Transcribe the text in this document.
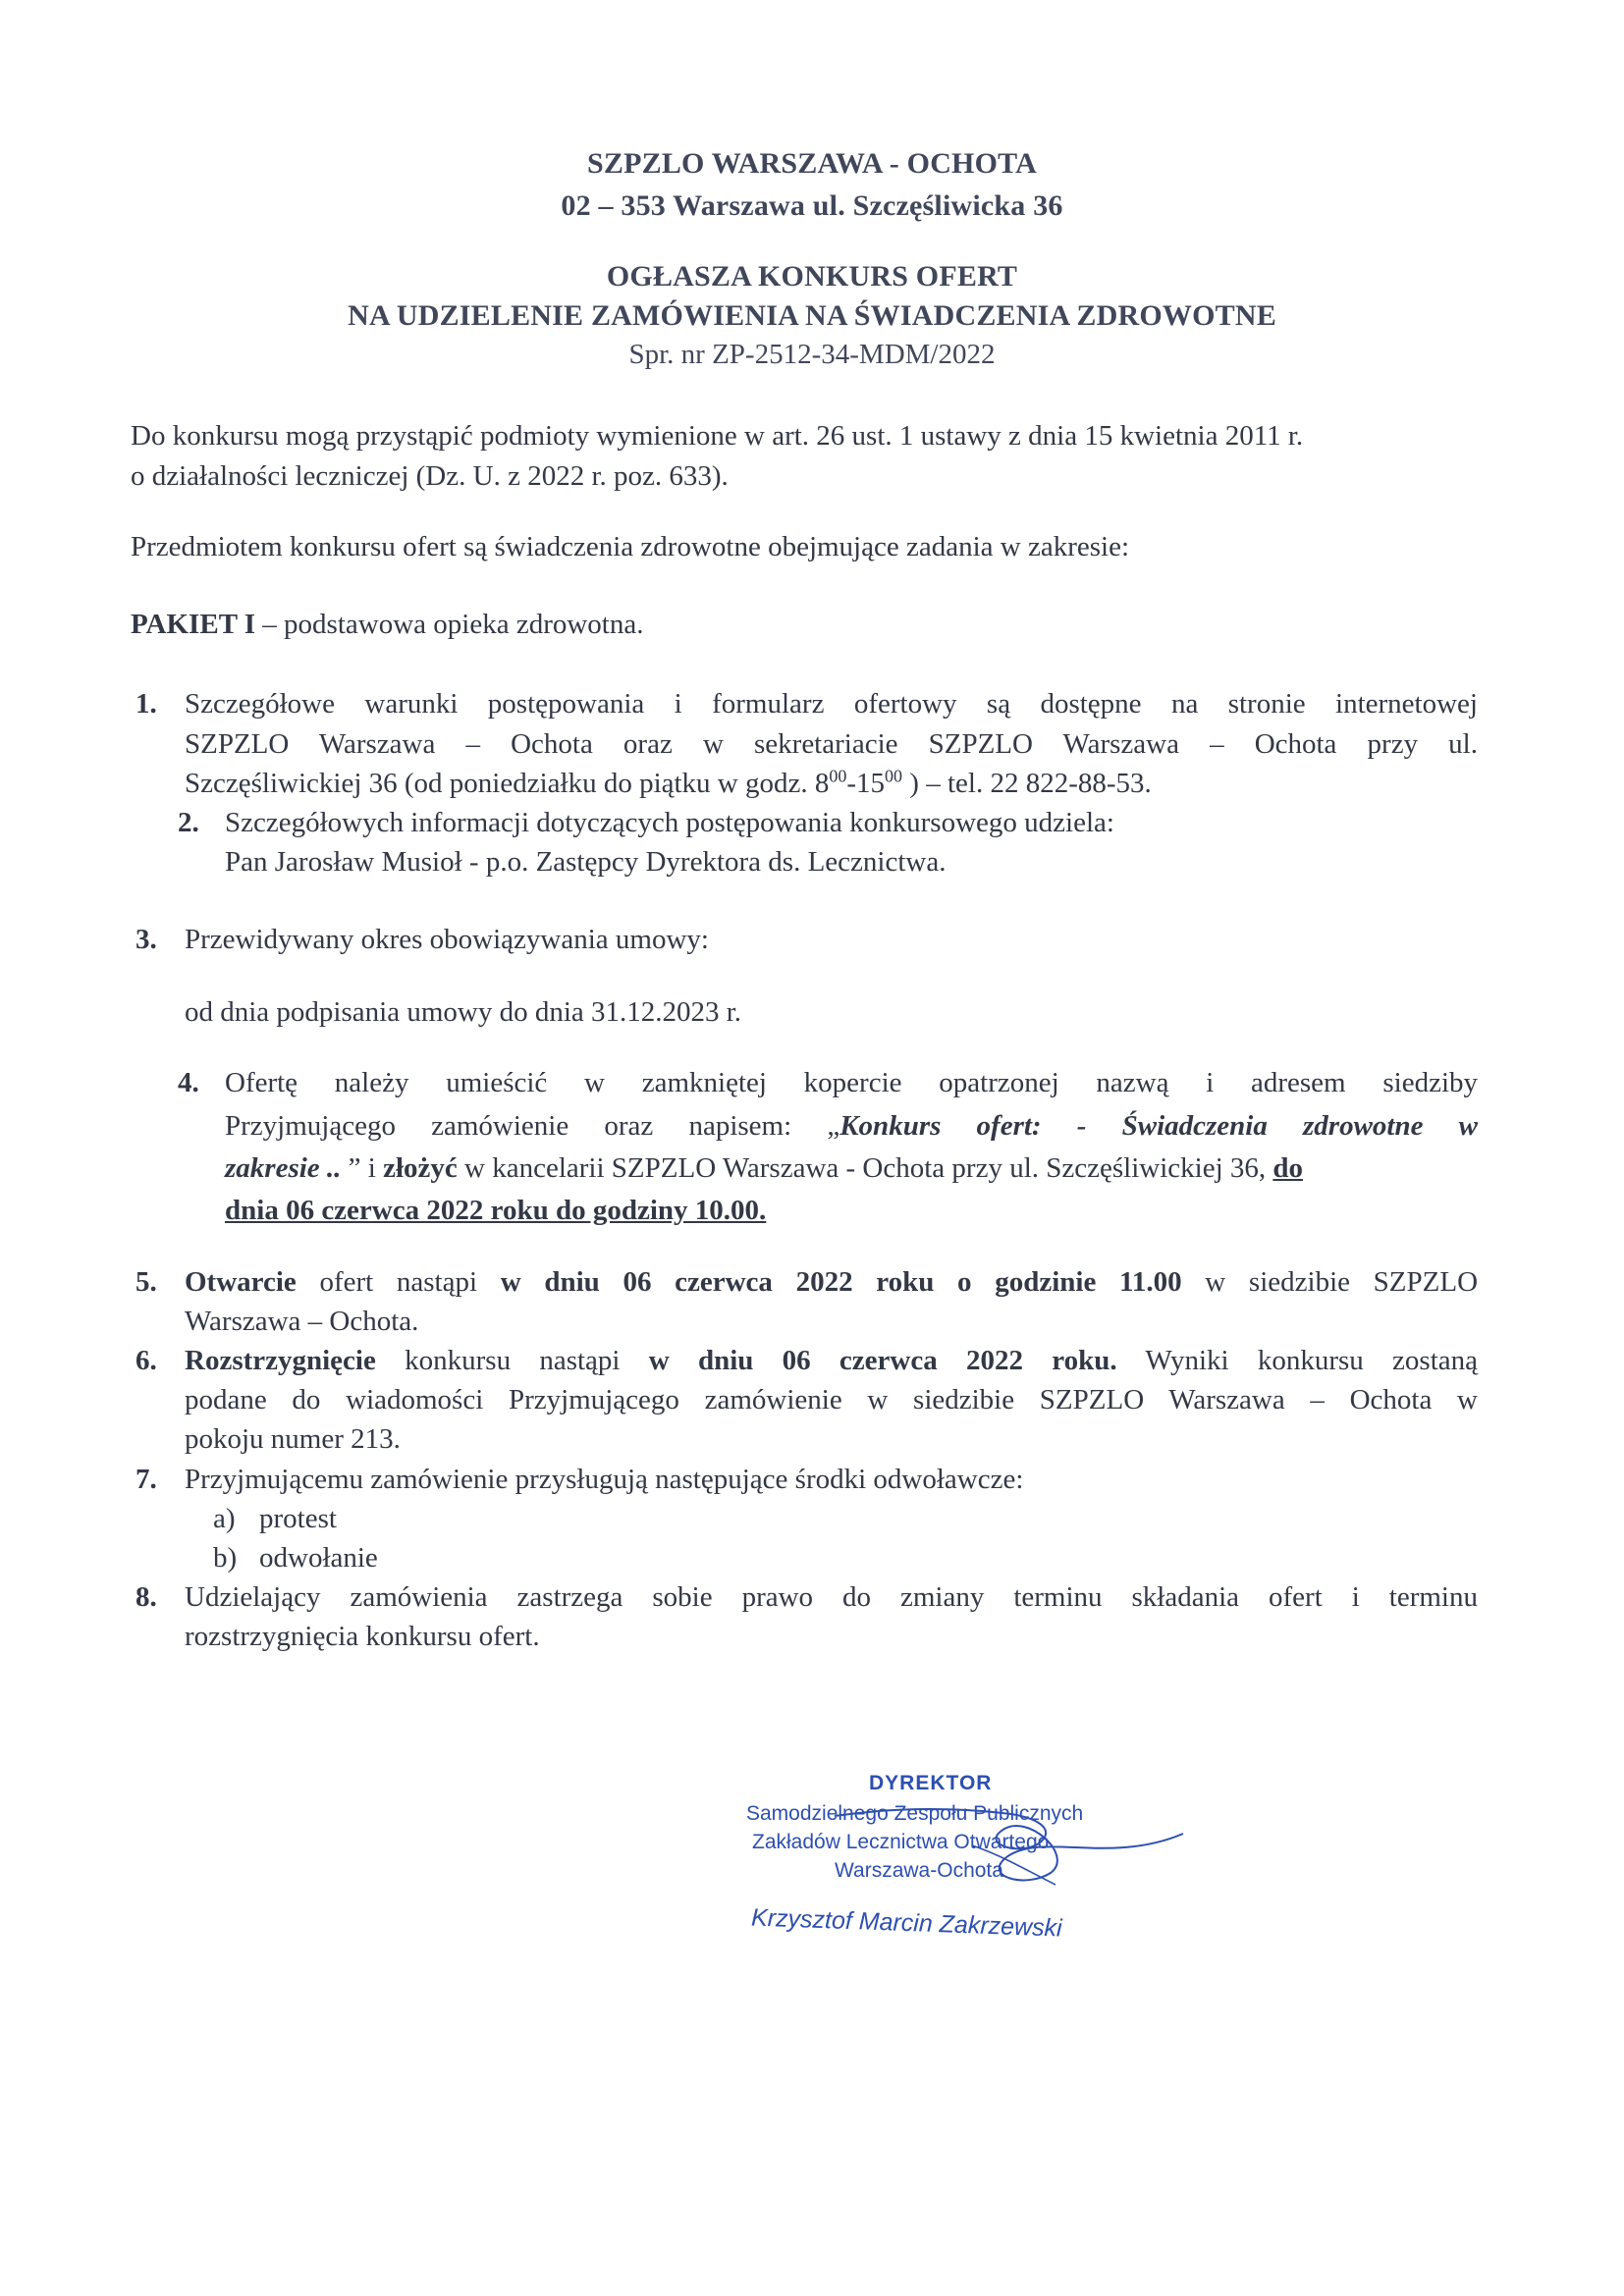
SZPZLO WARSZAWA - OCHOTA
02 – 353 Warszawa ul. Szczęśliwicka 36
OGŁASZA KONKURS OFERT
NA UDZIELENIE ZAMÓWIENIA NA ŚWIADCZENIA ZDROWOTNE
Spr. nr ZP-2512-34-MDM/2022
Do konkursu mogą przystąpić podmioty wymienione w art. 26 ust. 1 ustawy z dnia 15 kwietnia 2011 r.
o działalności leczniczej (Dz. U. z 2022 r. poz. 633).
Przedmiotem konkursu ofert są świadczenia zdrowotne obejmujące zadania w zakresie:
PAKIET I – podstawowa opieka zdrowotna.
1. Szczegółowe warunki postępowania i formularz ofertowy są dostępne na stronie internetowej
SZPZLO Warszawa – Ochota oraz w sekretariacie SZPZLO Warszawa – Ochota przy ul.
Szczęśliwickiej 36 (od poniedziałku do piątku w godz. $8^{00}-15^{00}$ ) – tel. 22 822-88-53.
2. Szczegółowych informacji dotyczących postępowania konkursowego udziela:
Pan Jarosław Musioł - p.o. Zastępcy Dyrektora ds. Lecznictwa.
3. Przewidywany okres obowiązywania umowy:
od dnia podpisania umowy do dnia 31.12.2023 r.
4. Ofertę należy umieścić w zamkniętej kopercie opatrzonej nazwą i adresem siedziby
Przyjmującego zamówienie oraz napisem: „Konkurs ofert: - Świadczenia zdrowotne w
zakresie .. ” i złożyć w kancelarii SZPZLO Warszawa - Ochota przy ul. Szczęśliwickiej 36, do
dnia 06 czerwca 2022 roku do godziny 10.00.
5. Otwarcie ofert nastąpi w dniu 06 czerwca 2022 roku o godzinie 11.00 w siedzibie SZPZLO
Warszawa – Ochota.
6. Rozstrzygnięcie konkursu nastąpi w dniu 06 czerwca 2022 roku. Wyniki konkursu zostaną
podane do wiadomości Przyjmującego zamówienie w siedzibie SZPZLO Warszawa – Ochota w
pokoju numer 213.
7. Przyjmującemu zamówienie przysługują następujące środki odwoławcze:
a) protest
b) odwołanie
8. Udzielający zamówienia zastrzega sobie prawo do zmiany terminu składania ofert i terminu
rozstrzygnięcia konkursu ofert.
DYREKTOR
Samodzielnego Zespołu Publicznych
Zakładów Lecznictwa Otwartego
Warszawa-Ochota
Krzysztof Marcin Zakrzewski
